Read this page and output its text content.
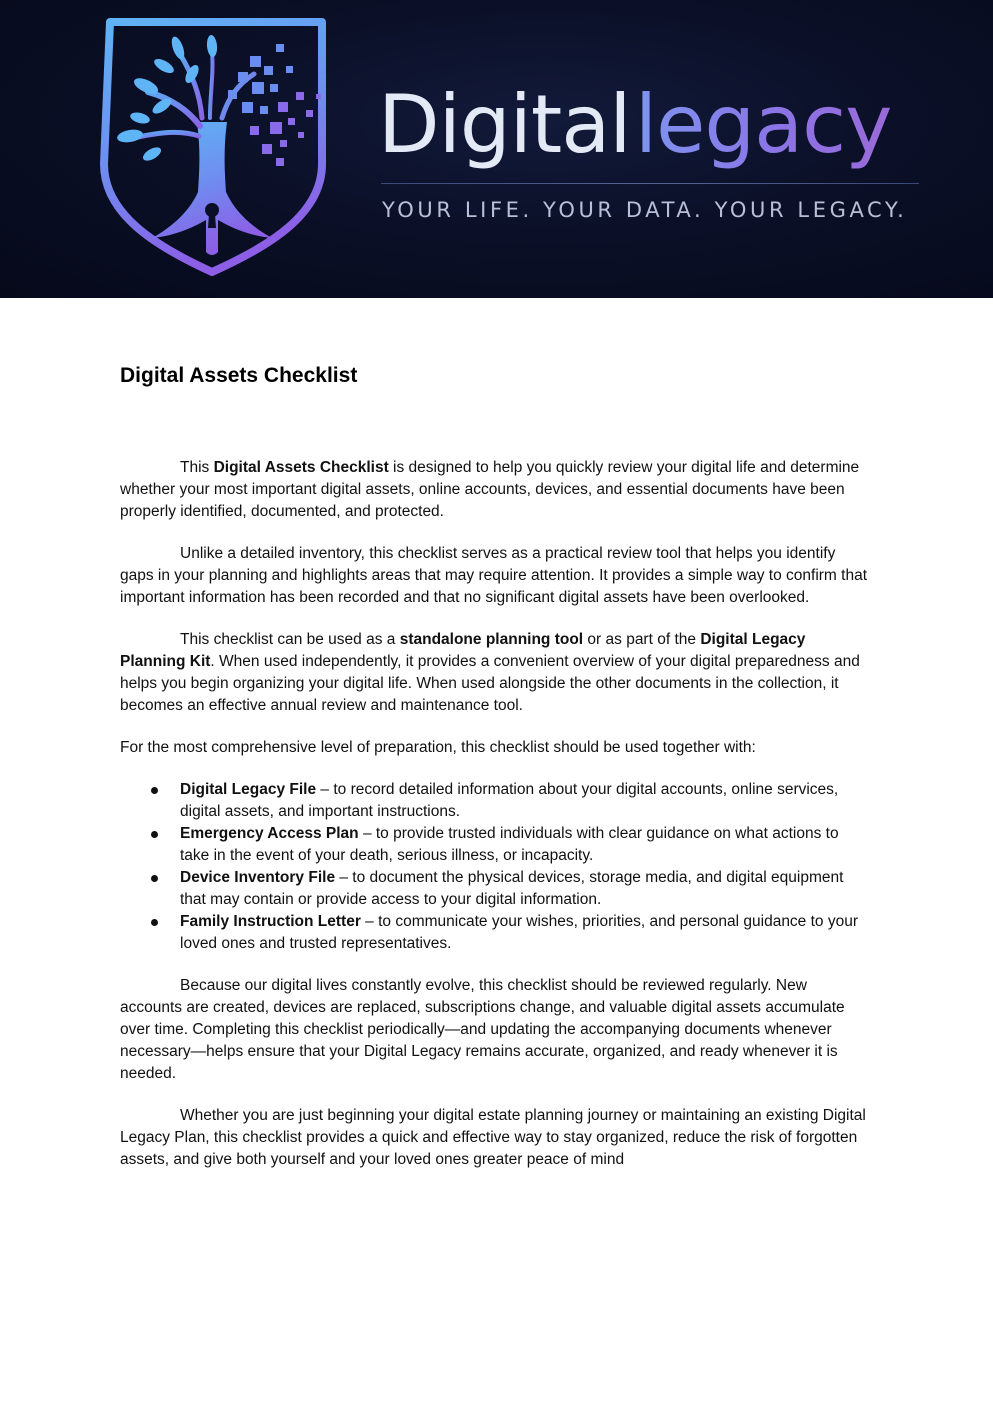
Digital legacy
YOUR LIFE. YOUR DATA. YOUR LEGACY.
Digital Assets Checklist

This Digital Assets Checklist is designed to help you quickly review your digital life and determine whether your most important digital assets, online accounts, devices, and essential documents have been properly identified, documented, and protected.

Unlike a detailed inventory, this checklist serves as a practical review tool that helps you identify gaps in your planning and highlights areas that may require attention. It provides a simple way to confirm that important information has been recorded and that no significant digital assets have been overlooked.

This checklist can be used as a standalone planning tool or as part of the Digital Legacy Planning Kit. When used independently, it provides a convenient overview of your digital preparedness and helps you begin organizing your digital life. When used alongside the other documents in the collection, it becomes an effective annual review and maintenance tool.

For the most comprehensive level of preparation, this checklist should be used together with:

Digital Legacy File – to record detailed information about your digital accounts, online services, digital assets, and important instructions.
Emergency Access Plan – to provide trusted individuals with clear guidance on what actions to take in the event of your death, serious illness, or incapacity.
Device Inventory File – to document the physical devices, storage media, and digital equipment that may contain or provide access to your digital information.
Family Instruction Letter – to communicate your wishes, priorities, and personal guidance to your loved ones and trusted representatives.

Because our digital lives constantly evolve, this checklist should be reviewed regularly. New accounts are created, devices are replaced, subscriptions change, and valuable digital assets accumulate over time. Completing this checklist periodically—and updating the accompanying documents whenever necessary—helps ensure that your Digital Legacy remains accurate, organized, and ready whenever it is needed.

Whether you are just beginning your digital estate planning journey or maintaining an existing Digital Legacy Plan, this checklist provides a quick and effective way to stay organized, reduce the risk of forgotten assets, and give both yourself and your loved ones greater peace of mind
